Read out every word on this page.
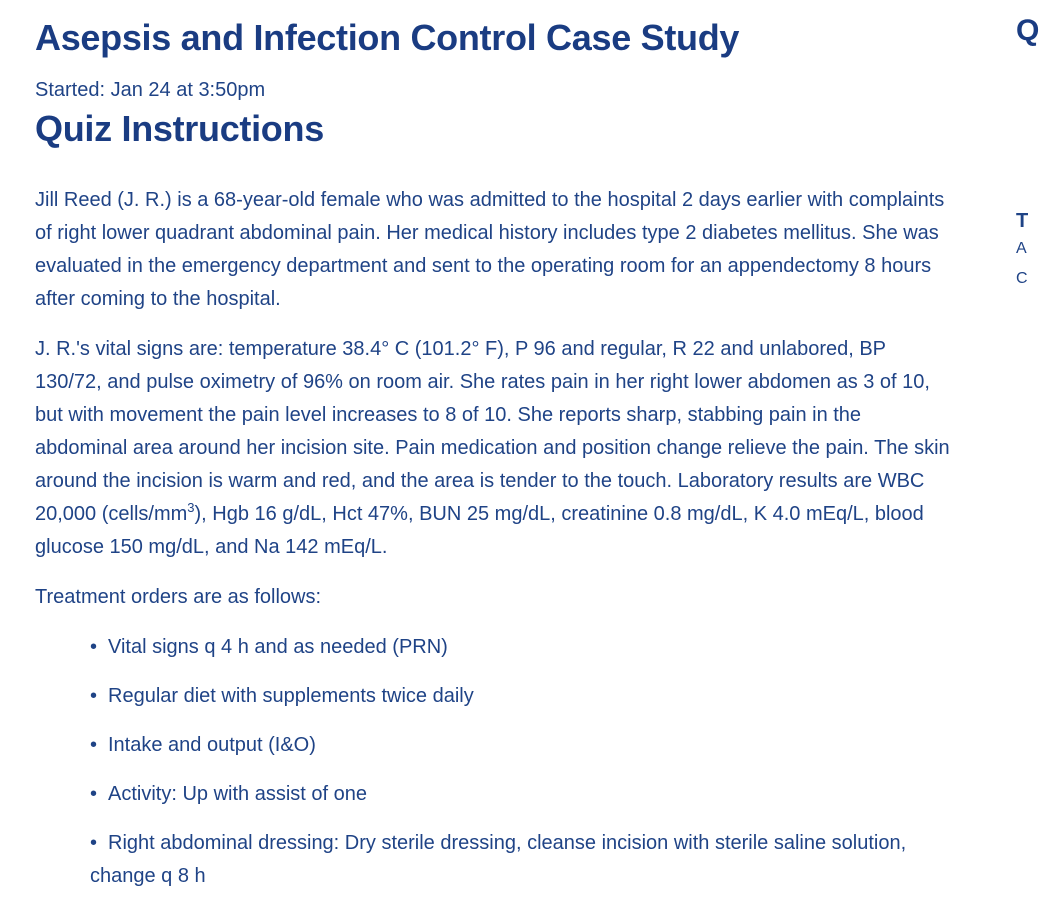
Asepsis and Infection Control Case Study

Started: Jan 24 at 3:50pm

Quiz Instructions

Jill Reed (J. R.) is a 68-year-old female who was admitted to the hospital 2 days earlier with complaints of right lower quadrant abdominal pain. Her medical history includes type 2 diabetes mellitus. She was evaluated in the emergency department and sent to the operating room for an appendectomy 8 hours after coming to the hospital.

J. R.'s vital signs are: temperature 38.4° C (101.2° F), P 96 and regular, R 22 and unlabored, BP 130/72, and pulse oximetry of 96% on room air. She rates pain in her right lower abdomen as 3 of 10, but with movement the pain level increases to 8 of 10. She reports sharp, stabbing pain in the abdominal area around her incision site. Pain medication and position change relieve the pain. The skin around the incision is warm and red, and the area is tender to the touch. Laboratory results are WBC 20,000 $(cells/mm^3)$, Hgb 16 g/dL, Hct 47%, BUN 25 mg/dL, creatinine 0.8 mg/dL, K 4.0 mEq/L, blood glucose 150 mg/dL, and Na 142 mEq/L.

Treatment orders are as follows:

• Vital signs q 4 h and as needed (PRN)
• Regular diet with supplements twice daily
• Intake and output (I&O)
• Activity: Up with assist of one
• Right abdominal dressing: Dry sterile dressing, cleanse incision with sterile saline solution, change q 8 h
Q
T
A
C
